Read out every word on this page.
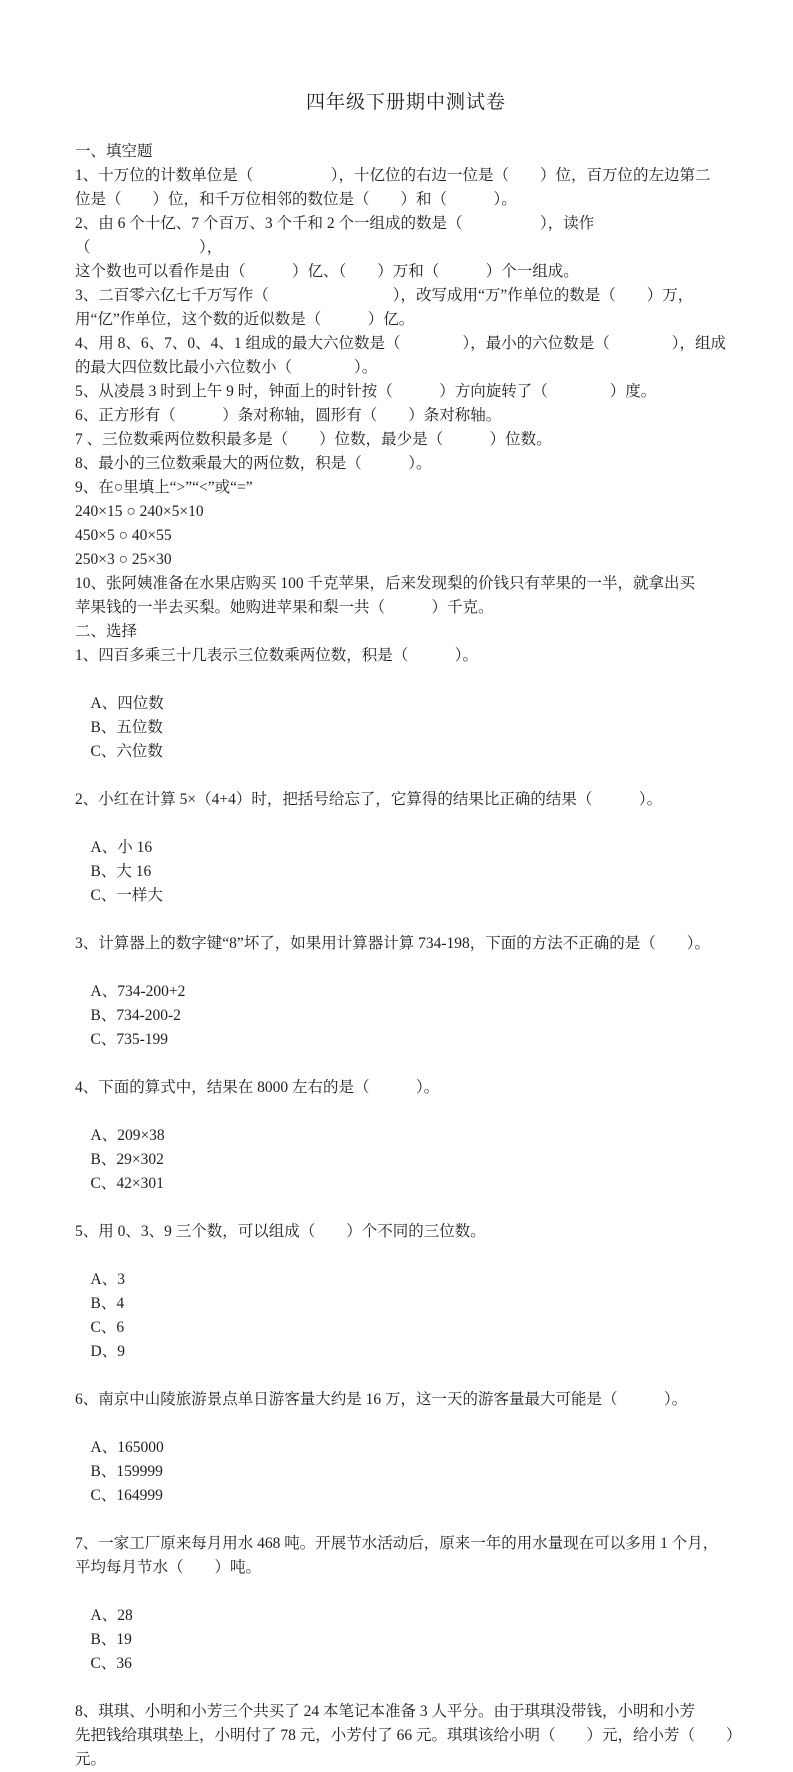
四年级下册期中测试卷

一、填空题

1、十万位的计数单位是（　　　　　），十亿位的右边一位是（　　）位，百万位的左边第二

位是（　　）位，和千万位相邻的数位是（　　）和（　　　）。

2、由 6 个十亿、7 个百万、3 个千和 2 个一组成的数是（　　　　　），读作（　　　　　　　），

这个数也可以看作是由（　　　）亿、（　　）万和（　　　）个一组成。

3、二百零六亿七千万写作（　　　　　　　　），改写成用“万”作单位的数是（　　）万，

用“亿”作单位，这个数的近似数是（　　　）亿。

4、用 8、6、7、0、4、1 组成的最大六位数是（　　　　），最小的六位数是（　　　　），组成

的最大四位数比最小六位数小（　　　　）。

5、从凌晨 3 时到上午 9 时，钟面上的时针按（　　　）方向旋转了（　　　　）度。

6、正方形有（　　　）条对称轴，圆形有（　　）条对称轴。

7 、三位数乘两位数积最多是（　　）位数，最少是（　　　）位数。

8、最小的三位数乘最大的两位数，积是（　　　）。

9、在○里填上“>”“<”或“=”

240×15 ○ 240×5×10

450×5 ○ 40×55

250×3 ○ 25×30

10、张阿姨准备在水果店购买 100 千克苹果，后来发现梨的价钱只有苹果的一半，就拿出买

苹果钱的一半去买梨。她购进苹果和梨一共（　　　）千克。

二、选择

1、四百多乘三十几表示三位数乘两位数，积是（　　　）。

A、四位数
B、五位数
C、六位数

2、小红在计算 5×（4+4）时，把括号给忘了，它算得的结果比正确的结果（　　　）。

A、小 16
B、大 16
C、一样大

3、计算器上的数字键“8”坏了，如果用计算器计算 734-198，下面的方法不正确的是（　　）。

A、734-200+2
B、734-200-2
C、735-199

4、下面的算式中，结果在 8000 左右的是（　　　）。

A、209×38
B、29×302
C、42×301

5、用 0、3、9 三个数，可以组成（　　）个不同的三位数。

A、3
B、4
C、6
D、9

6、南京中山陵旅游景点单日游客量大约是 16 万，这一天的游客量最大可能是（　　　）。

A、165000
B、159999
C、164999

7、一家工厂原来每月用水 468 吨。开展节水活动后，原来一年的用水量现在可以多用 1 个月，

平均每月节水（　　）吨。

A、28
B、19
C、36

8、琪琪、小明和小芳三个共买了 24 本笔记本准备 3 人平分。由于琪琪没带钱，小明和小芳

先把钱给琪琪垫上，小明付了 78 元，小芳付了 66 元。琪琪该给小明（　　）元，给小芳（　　）

元。
